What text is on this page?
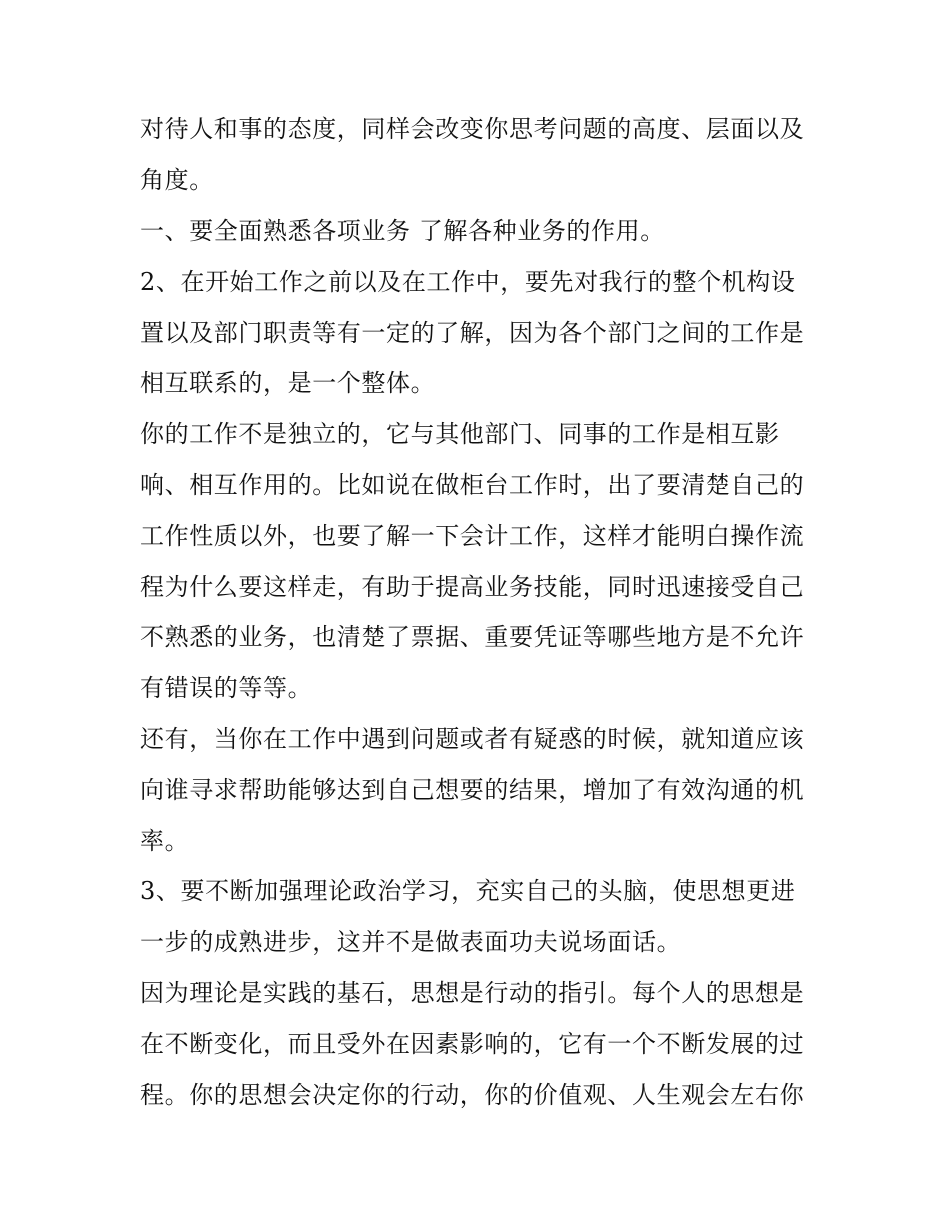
对待人和事的态度，同样会改变你思考问题的高度、层面以及
角度。
一、要全面熟悉各项业务 了解各种业务的作用。
2、在开始工作之前以及在工作中，要先对我行的整个机构设
置以及部门职责等有一定的了解，因为各个部门之间的工作是
相互联系的，是一个整体。
你的工作不是独立的，它与其他部门、同事的工作是相互影
响、相互作用的。比如说在做柜台工作时，出了要清楚自己的
工作性质以外，也要了解一下会计工作，这样才能明白操作流
程为什么要这样走，有助于提高业务技能，同时迅速接受自己
不熟悉的业务，也清楚了票据、重要凭证等哪些地方是不允许
有错误的等等。
还有，当你在工作中遇到问题或者有疑惑的时候，就知道应该
向谁寻求帮助能够达到自己想要的结果，增加了有效沟通的机
率。
3、要不断加强理论政治学习，充实自己的头脑，使思想更进
一步的成熟进步，这并不是做表面功夫说场面话。
因为理论是实践的基石，思想是行动的指引。每个人的思想是
在不断变化，而且受外在因素影响的，它有一个不断发展的过
程。你的思想会决定你的行动，你的价值观、人生观会左右你
